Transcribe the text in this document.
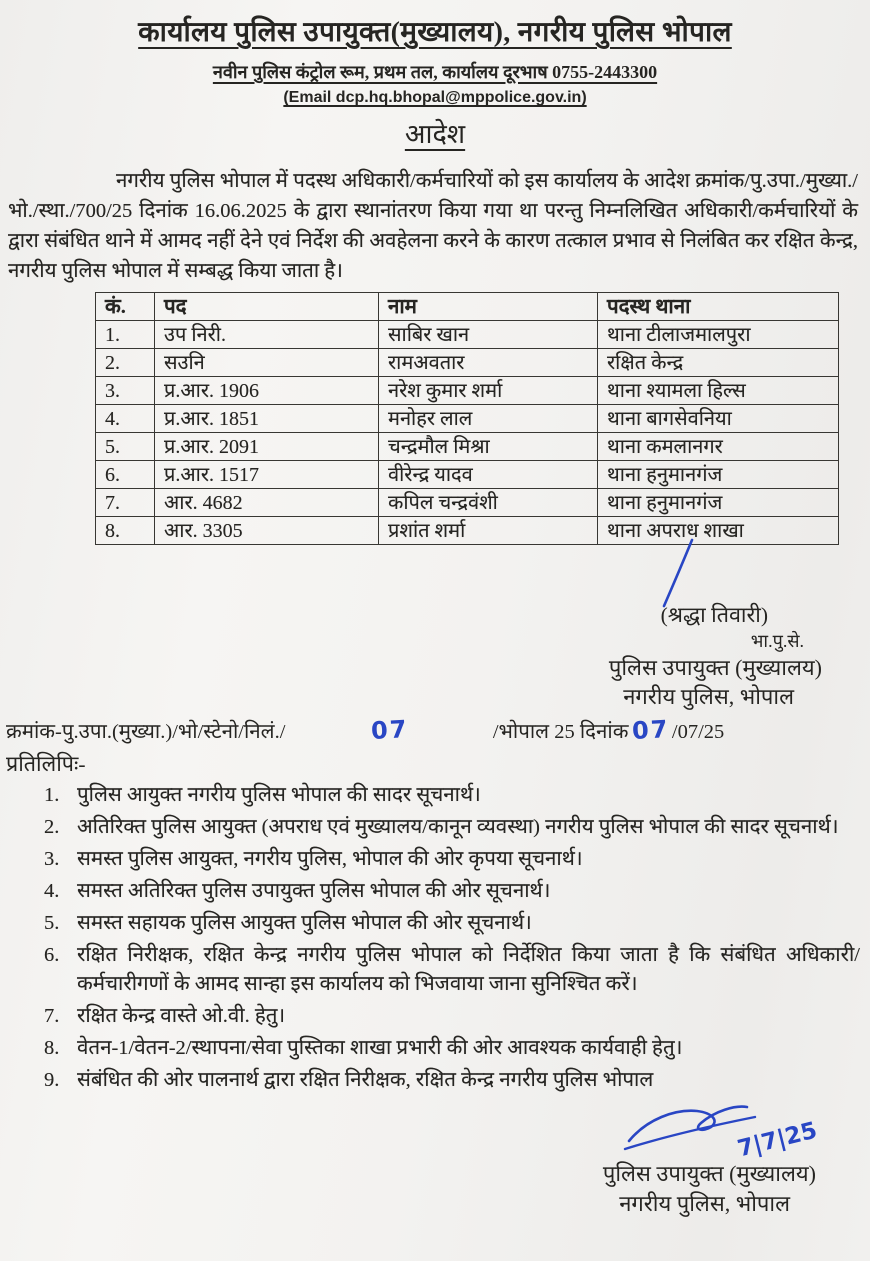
कार्यालय पुलिस उपायुक्त(मुख्यालय), नगरीय पुलिस भोपाल
नवीन पुलिस कंट्रोल रूम, प्रथम तल, कार्यालय दूरभाष 0755-2443300
(Email dcp.hq.bhopal@mppolice.gov.in)
आदेश
नगरीय पुलिस भोपाल में पदस्थ अधिकारी/कर्मचारियों को इस कार्यालय के आदेश क्रमांक/पु.उपा./मुख्या./भो./स्था./700/25 दिनांक 16.06.2025 के द्वारा स्थानांतरण किया गया था परन्तु निम्नलिखित अधिकारी/कर्मचारियों के द्वारा संबंधित थाने में आमद नहीं देने एवं निर्देश की अवहेलना करने के कारण तत्काल प्रभाव से निलंबित कर रक्षित केन्द्र, नगरीय पुलिस भोपाल में सम्बद्ध किया जाता है।
कं.	पद	नाम	पदस्थ थाना
1.	उप निरी.	साबिर खान	थाना टीलाजमालपुरा
2.	सउनि	रामअवतार	रक्षित केन्द्र
3.	प्र.आर. 1906	नरेश कुमार शर्मा	थाना श्यामला हिल्स
4.	प्र.आर. 1851	मनोहर लाल	थाना बागसेवनिया
5.	प्र.आर. 2091	चन्द्रमौल मिश्रा	थाना कमलानगर
6.	प्र.आर. 1517	वीरेन्द्र यादव	थाना हनुमानगंज
7.	आर. 4682	कपिल चन्द्रवंशी	थाना हनुमानगंज
8.	आर. 3305	प्रशांत शर्मा	थाना अपराध शाखा
(श्रद्धा तिवारी)
भा.पु.से.
पुलिस उपायुक्त (मुख्यालय)
नगरीय पुलिस, भोपाल
क्रमांक-पु.उपा.(मुख्या.)/भो/स्टेनो/निलं./	07	/भोपाल 25 दिनांक 07 /07/25
प्रतिलिपिः-
1. पुलिस आयुक्त नगरीय पुलिस भोपाल की सादर सूचनार्थ।
2. अतिरिक्त पुलिस आयुक्त (अपराध एवं मुख्यालय/कानून व्यवस्था) नगरीय पुलिस भोपाल की सादर सूचनार्थ।
3. समस्त पुलिस आयुक्त, नगरीय पुलिस, भोपाल की ओर कृपया सूचनार्थ।
4. समस्त अतिरिक्त पुलिस उपायुक्त पुलिस भोपाल की ओर सूचनार्थ।
5. समस्त सहायक पुलिस आयुक्त पुलिस भोपाल की ओर सूचनार्थ।
6. रक्षित निरीक्षक, रक्षित केन्द्र नगरीय पुलिस भोपाल को निर्देशित किया जाता है कि संबंधित अधिकारी/कर्मचारीगणों के आमद सान्हा इस कार्यालय को भिजवाया जाना सुनिश्चित करें।
7. रक्षित केन्द्र वास्ते ओ.वी. हेतु।
8. वेतन-1/वेतन-2/स्थापना/सेवा पुस्तिका शाखा प्रभारी की ओर आवश्यक कार्यवाही हेतु।
9. संबंधित की ओर पालनार्थ द्वारा रक्षित निरीक्षक, रक्षित केन्द्र नगरीय पुलिस भोपाल
7|7|25
पुलिस उपायुक्त (मुख्यालय)
नगरीय पुलिस, भोपाल
